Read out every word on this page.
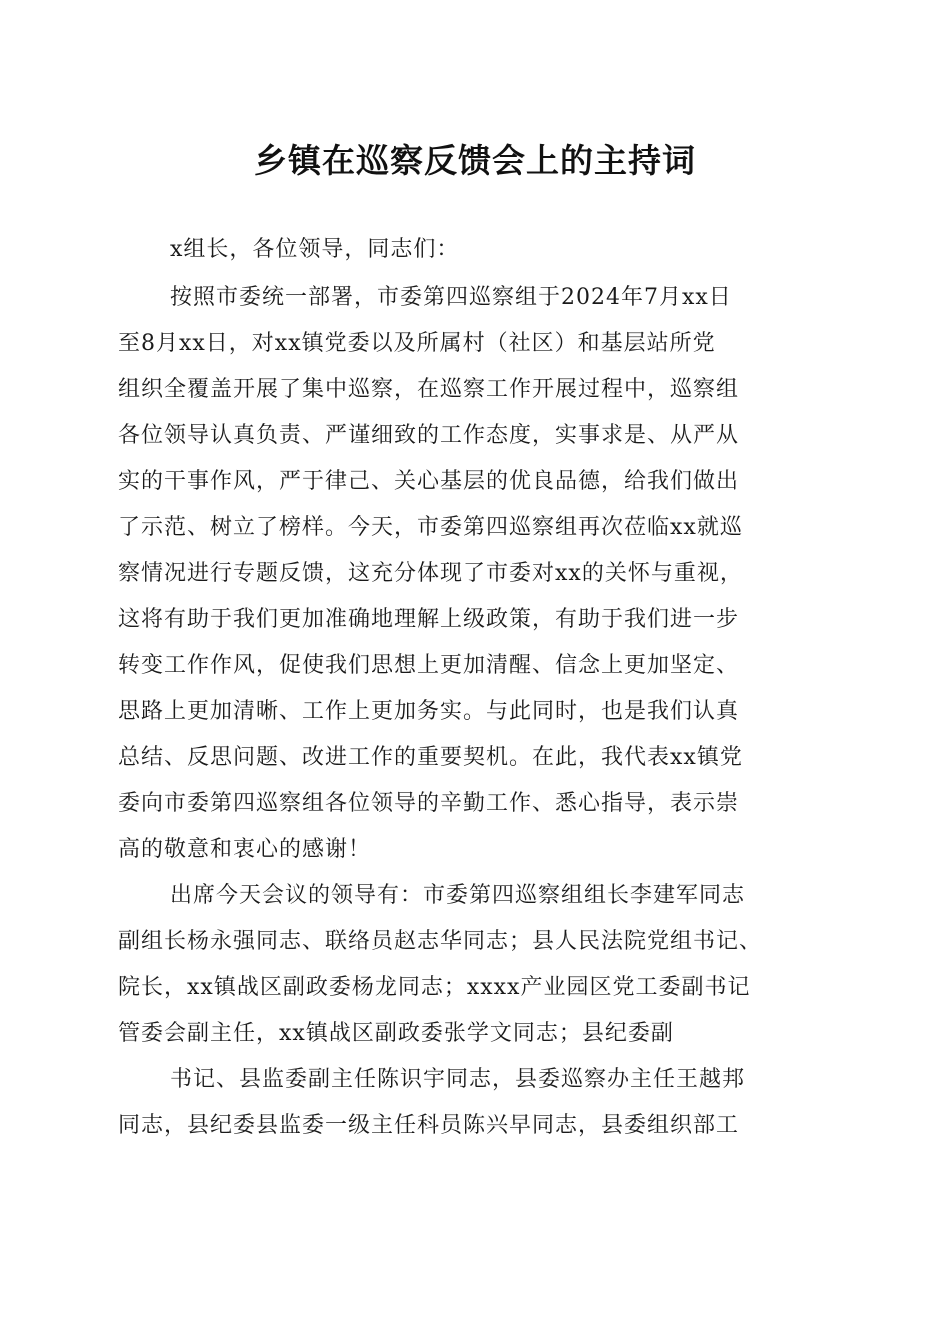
乡镇在巡察反馈会上的主持词
x组长，各位领导，同志们：
按照市委统一部署，市委第四巡察组于2024年7月xx日
至8月xx日，对xx镇党委以及所属村（社区）和基层站所党
组织全覆盖开展了集中巡察，在巡察工作开展过程中，巡察组
各位领导认真负责、严谨细致的工作态度，实事求是、从严从
实的干事作风，严于律己、关心基层的优良品德，给我们做出
了示范、树立了榜样。今天，市委第四巡察组再次莅临xx就巡
察情况进行专题反馈，这充分体现了市委对xx的关怀与重视，
这将有助于我们更加准确地理解上级政策，有助于我们进一步
转变工作作风，促使我们思想上更加清醒、信念上更加坚定、
思路上更加清晰、工作上更加务实。与此同时，也是我们认真
总结、反思问题、改进工作的重要契机。在此，我代表xx镇党
委向市委第四巡察组各位领导的辛勤工作、悉心指导，表示崇
高的敬意和衷心的感谢！
出席今天会议的领导有：市委第四巡察组组长李建军同志
副组长杨永强同志、联络员赵志华同志；县人民法院党组书记、
院长，xx镇战区副政委杨龙同志；xxxx产业园区党工委副书记
管委会副主任，xx镇战区副政委张学文同志；县纪委副
书记、县监委副主任陈识宇同志，县委巡察办主任王越邦
同志，县纪委县监委一级主任科员陈兴早同志，县委组织部工
